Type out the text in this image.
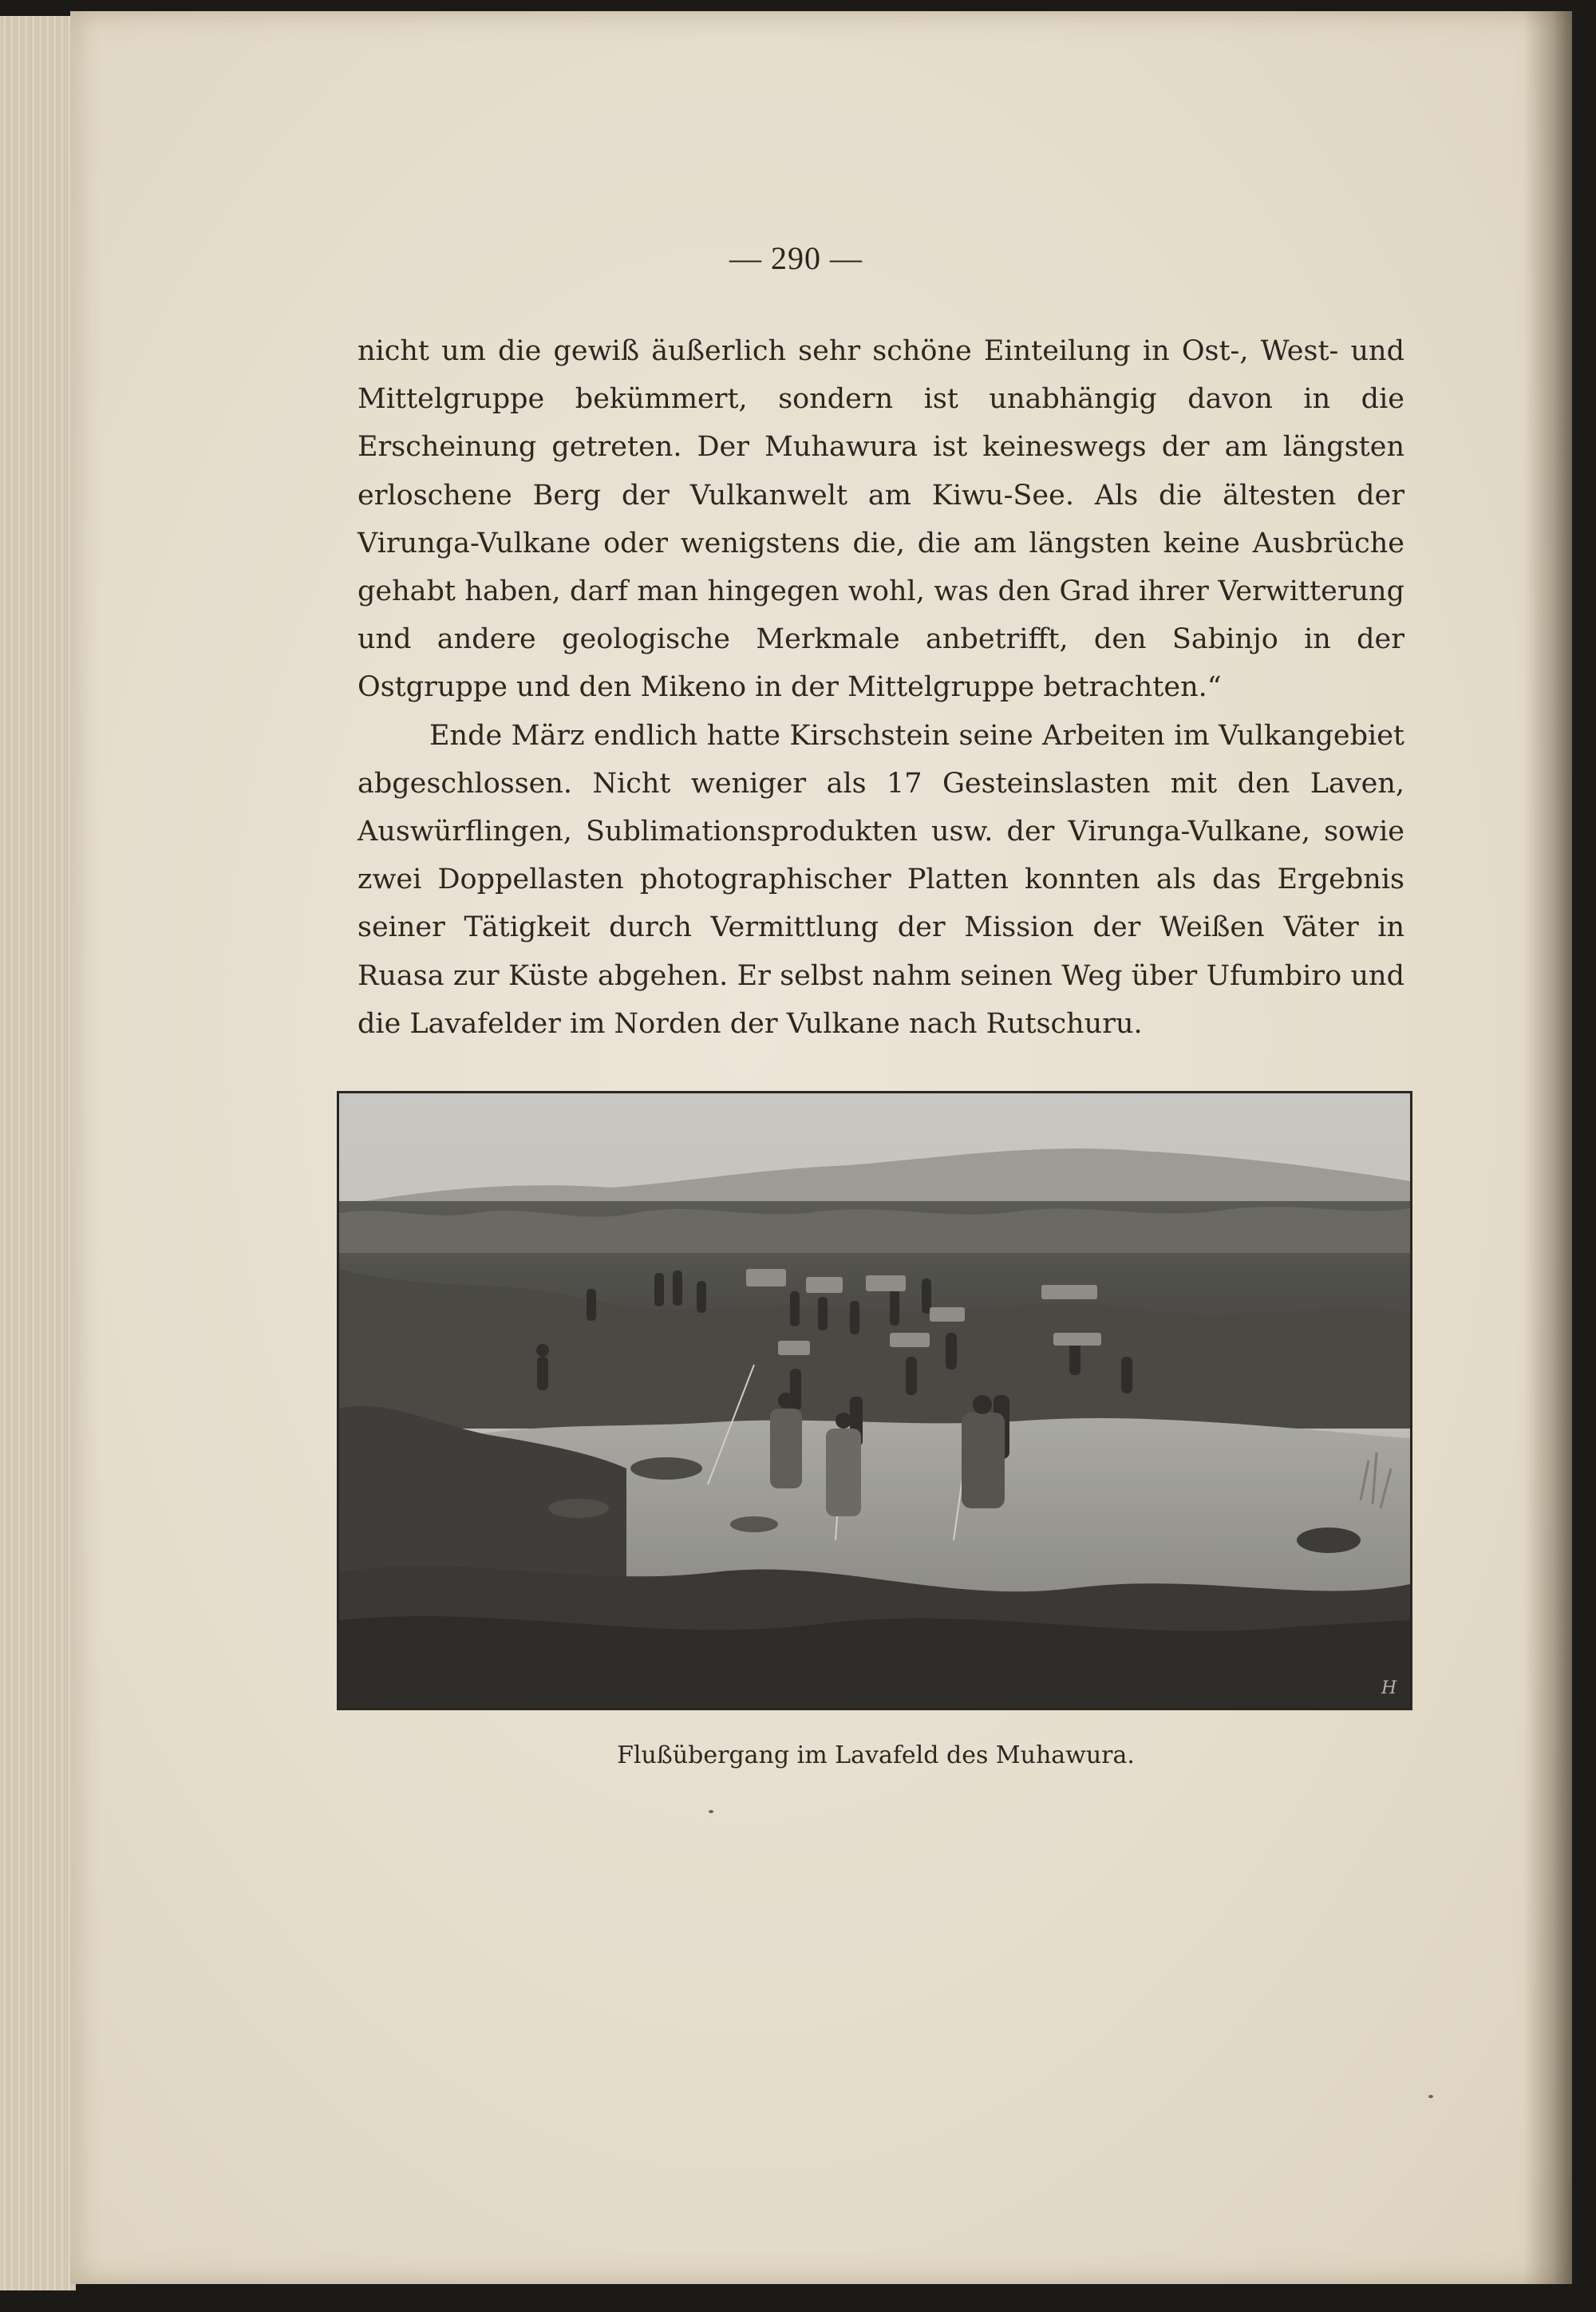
— 290 —

nicht um die gewiß äußerlich sehr schöne Einteilung in Ost-, West- und Mittelgruppe bekümmert, sondern ist unabhängig davon in die Erscheinung getreten. Der Muhawura ist keineswegs der am längsten erloschene Berg der Vulkanwelt am Kiwu-See. Als die ältesten der Virunga-Vulkane oder wenigstens die, die am längsten keine Ausbrüche gehabt haben, darf man hingegen wohl, was den Grad ihrer Verwitterung und andere geologische Merkmale anbetrifft, den Sabinjo in der Ostgruppe und den Mikeno in der Mittelgruppe betrachten.“

Ende März endlich hatte Kirschstein seine Arbeiten im Vulkangebiet abgeschlossen. Nicht weniger als 17 Gesteinslasten mit den Laven, Auswürflingen, Sublimationsprodukten usw. der Virunga-Vulkane, sowie zwei Doppellasten photographischer Platten konnten als das Ergebnis seiner Tätigkeit durch Vermittlung der Mission der Weißen Väter in Ruasa zur Küste abgehen. Er selbst nahm seinen Weg über Ufumbiro und die Lavafelder im Norden der Vulkane nach Rutschuru.

H
Flußübergang im Lavafeld des Muhawura.
